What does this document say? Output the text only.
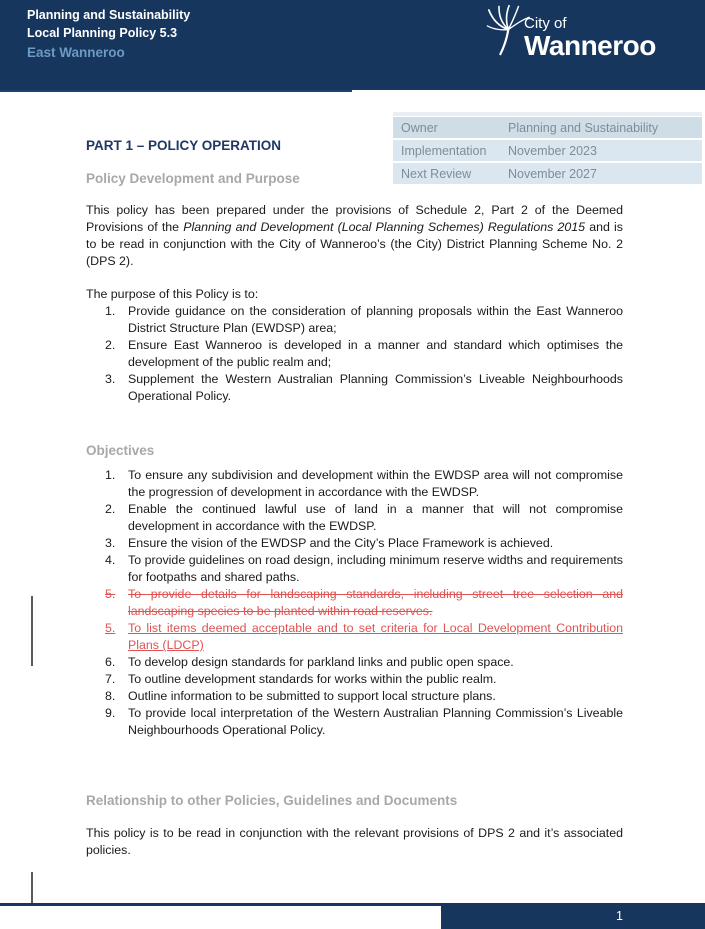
Planning and Sustainability
Local Planning Policy 5.3
East Wanneroo
City of
Wanneroo
Owner	Planning and Sustainability
Implementation	November 2023
Next Review	November 2027
PART 1 – POLICY OPERATION
Policy Development and Purpose
This policy has been prepared under the provisions of Schedule 2, Part 2 of the Deemed Provisions of the Planning and Development (Local Planning Schemes) Regulations 2015 and is to be read in conjunction with the City of Wanneroo’s (the City) District Planning Scheme No. 2 (DPS 2).
The purpose of this Policy is to:
1. Provide guidance on the consideration of planning proposals within the East Wanneroo District Structure Plan (EWDSP) area;
2. Ensure East Wanneroo is developed in a manner and standard which optimises the development of the public realm and;
3. Supplement the Western Australian Planning Commission’s Liveable Neighbourhoods Operational Policy.
Objectives
1. To ensure any subdivision and development within the EWDSP area will not compromise the progression of development in accordance with the EWDSP.
2. Enable the continued lawful use of land in a manner that will not compromise development in accordance with the EWDSP.
3. Ensure the vision of the EWDSP and the City’s Place Framework is achieved.
4. To provide guidelines on road design, including minimum reserve widths and requirements for footpaths and shared paths.
5. To provide details for landscaping standards, including street tree selection and landscaping species to be planted within road reserves.
5. To list items deemed acceptable and to set criteria for Local Development Contribution Plans (LDCP)
6. To develop design standards for parkland links and public open space.
7. To outline development standards for works within the public realm.
8. Outline information to be submitted to support local structure plans.
9. To provide local interpretation of the Western Australian Planning Commission’s Liveable Neighbourhoods Operational Policy.
Relationship to other Policies, Guidelines and Documents
This policy is to be read in conjunction with the relevant provisions of DPS 2 and it’s associated policies.
1
